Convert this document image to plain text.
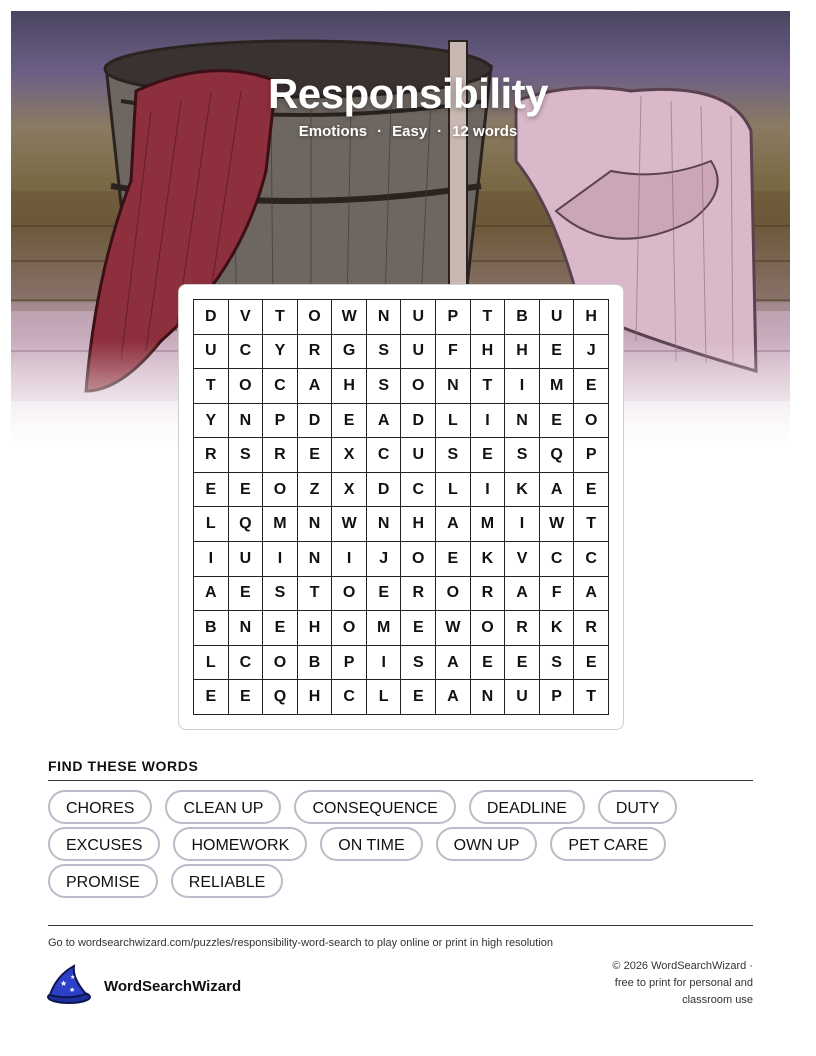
Responsibility
Emotions · Easy · 12 words
D	V	T	O	W	N	U	P	T	B	U	H
U	C	Y	R	G	S	U	F	H	H	E	J
T	O	C	A	H	S	O	N	T	I	M	E
Y	N	P	D	E	A	D	L	I	N	E	O
R	S	R	E	X	C	U	S	E	S	Q	P
E	E	O	Z	X	D	C	L	I	K	A	E
L	Q	M	N	W	N	H	A	M	I	W	T
I	U	I	N	I	J	O	E	K	V	C	C
A	E	S	T	O	E	R	O	R	A	F	A
B	N	E	H	O	M	E	W	O	R	K	R
L	C	O	B	P	I	S	A	E	E	S	E
E	E	Q	H	C	L	E	A	N	U	P	T
FIND THESE WORDS
CHORES	CLEAN UP	CONSEQUENCE	DEADLINE	DUTY
EXCUSES	HOMEWORK	ON TIME	OWN UP	PET CARE
PROMISE	RELIABLE
Go to wordsearchwizard.com/puzzles/responsibility-word-search to play online or print in high resolution
★
★
★
WordSearchWizard
© 2026 WordSearchWizard ·
free to print for personal and
classroom use
